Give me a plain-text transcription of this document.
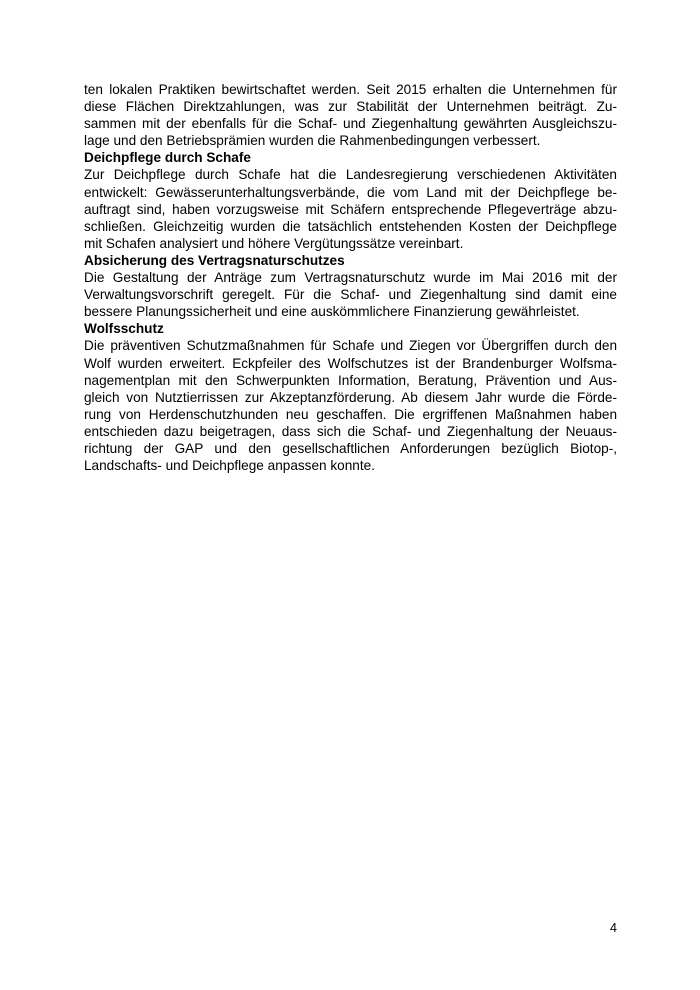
ten lokalen Praktiken bewirtschaftet werden. Seit 2015 erhalten die Unternehmen für
diese Flächen Direktzahlungen, was zur Stabilität der Unternehmen beiträgt. Zu-
sammen mit der ebenfalls für die Schaf- und Ziegenhaltung gewährten Ausgleichszu-
lage und den Betriebsprämien wurden die Rahmenbedingungen verbessert.
Deichpflege durch Schafe
Zur Deichpflege durch Schafe hat die Landesregierung verschiedenen Aktivitäten
entwickelt: Gewässerunterhaltungsverbände, die vom Land mit der Deichpflege be-
auftragt sind, haben vorzugsweise mit Schäfern entsprechende Pflegeverträge abzu-
schließen. Gleichzeitig wurden die tatsächlich entstehenden Kosten der Deichpflege
mit Schafen analysiert und höhere Vergütungssätze vereinbart.
Absicherung des Vertragsnaturschutzes
Die Gestaltung der Anträge zum Vertragsnaturschutz wurde im Mai 2016 mit der
Verwaltungsvorschrift geregelt. Für die Schaf- und Ziegenhaltung sind damit eine
bessere Planungssicherheit und eine auskömmlichere Finanzierung gewährleistet.
Wolfsschutz
Die präventiven Schutzmaßnahmen für Schafe und Ziegen vor Übergriffen durch den
Wolf wurden erweitert. Eckpfeiler des Wolfschutzes ist der Brandenburger Wolfsma-
nagementplan mit den Schwerpunkten Information, Beratung, Prävention und Aus-
gleich von Nutztierrissen zur Akzeptanzförderung. Ab diesem Jahr wurde die Förde-
rung von Herdenschutzhunden neu geschaffen. Die ergriffenen Maßnahmen haben
entschieden dazu beigetragen, dass sich die Schaf- und Ziegenhaltung der Neuaus-
richtung der GAP und den gesellschaftlichen Anforderungen bezüglich Biotop-,
Landschafts- und Deichpflege anpassen konnte.
4
